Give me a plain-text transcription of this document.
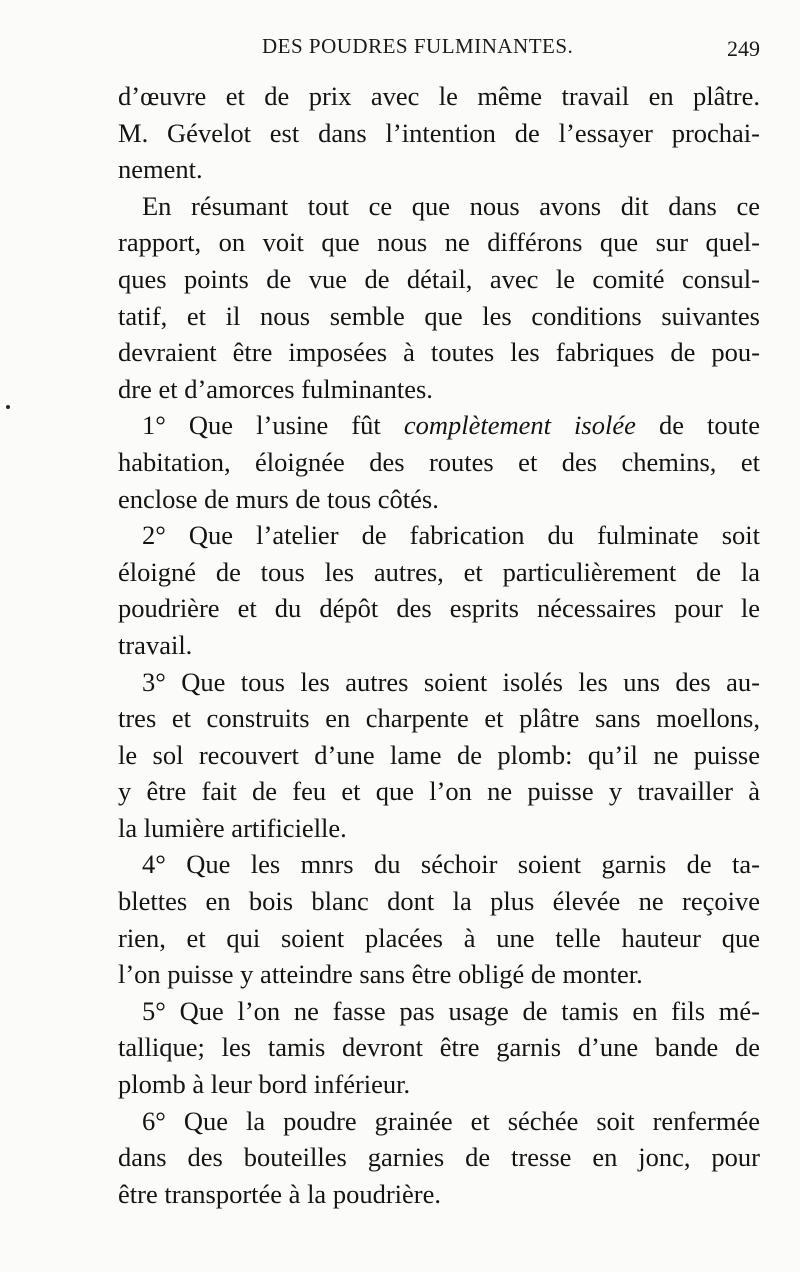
DES POUDRES FULMINANTES.	249
d’œuvre et de prix avec le même travail en plâtre.
M. Gévelot est dans l’intention de l’essayer prochai-
nement.
En résumant tout ce que nous avons dit dans ce
rapport, on voit que nous ne différons que sur quel-
ques points de vue de détail, avec le comité consul-
tatif, et il nous semble que les conditions suivantes
devraient être imposées à toutes les fabriques de pou-
dre et d’amorces fulminantes.
1° Que l’usine fût complètement isolée de toute
habitation, éloignée des routes et des chemins, et
enclose de murs de tous côtés.
2° Que l’atelier de fabrication du fulminate soit
éloigné de tous les autres, et particulièrement de la
poudrière et du dépôt des esprits nécessaires pour le
travail.
3° Que tous les autres soient isolés les uns des au-
tres et construits en charpente et plâtre sans moellons,
le sol recouvert d’une lame de plomb: qu’il ne puisse
y être fait de feu et que l’on ne puisse y travailler à
la lumière artificielle.
4° Que les mnrs du séchoir soient garnis de ta-
blettes en bois blanc dont la plus élevée ne reçoive
rien, et qui soient placées à une telle hauteur que
l’on puisse y atteindre sans être obligé de monter.
5° Que l’on ne fasse pas usage de tamis en fils mé-
tallique; les tamis devront être garnis d’une bande de
plomb à leur bord inférieur.
6° Que la poudre grainée et séchée soit renfermée
dans des bouteilles garnies de tresse en jonc, pour
être transportée à la poudrière.
